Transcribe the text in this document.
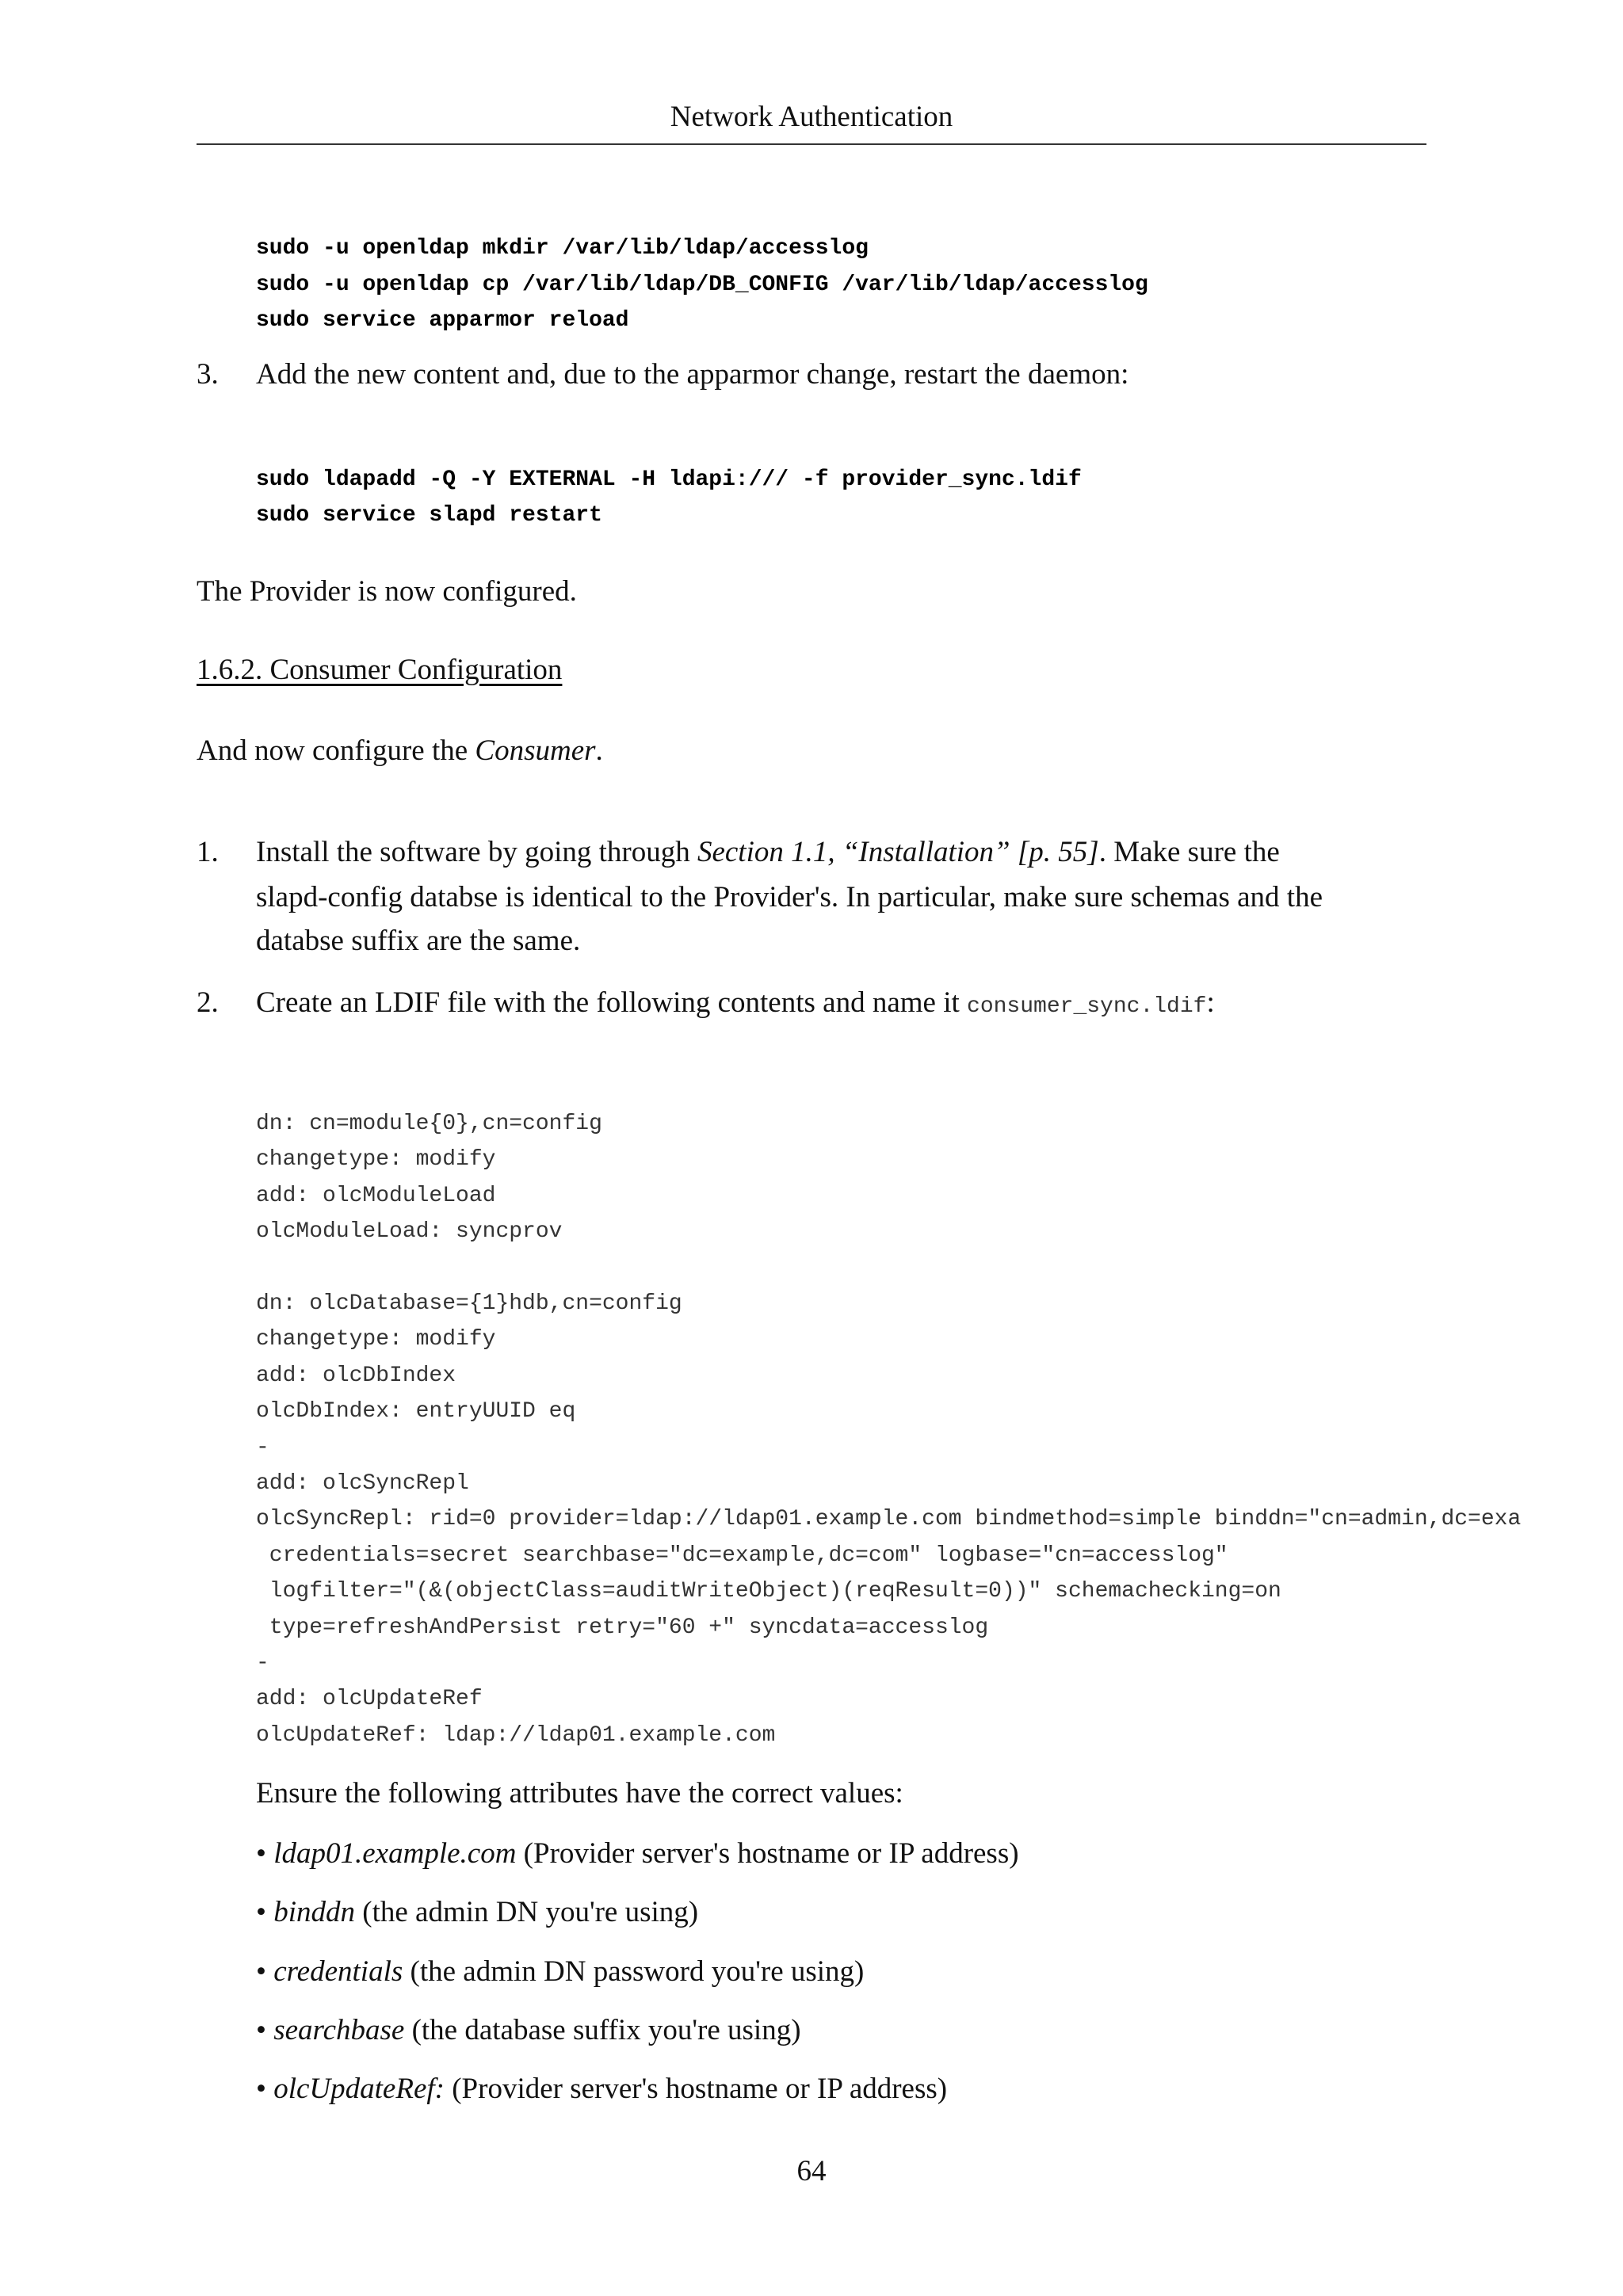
Network Authentication
sudo -u openldap mkdir /var/lib/ldap/accesslog
sudo -u openldap cp /var/lib/ldap/DB_CONFIG /var/lib/ldap/accesslog
sudo service apparmor reload
3. Add the new content and, due to the apparmor change, restart the daemon:
sudo ldapadd -Q -Y EXTERNAL -H ldapi:/// -f provider_sync.ldif
sudo service slapd restart
The Provider is now configured.
1.6.2. Consumer Configuration
And now configure the Consumer.
1. Install the software by going through Section 1.1, “Installation” [p. 55]. Make sure the
slapd-config databse is identical to the Provider's. In particular, make sure schemas and the
databse suffix are the same.
2. Create an LDIF file with the following contents and name it consumer_sync.ldif:
dn: cn=module{0},cn=config
changetype: modify
add: olcModuleLoad
olcModuleLoad: syncprov
dn: olcDatabase={1}hdb,cn=config
changetype: modify
add: olcDbIndex
olcDbIndex: entryUUID eq
-
add: olcSyncRepl
olcSyncRepl: rid=0 provider=ldap://ldap01.example.com bindmethod=simple binddn="cn=admin,dc=exa
credentials=secret searchbase="dc=example,dc=com" logbase="cn=accesslog"
logfilter="(&(objectClass=auditWriteObject)(reqResult=0))" schemachecking=on
type=refreshAndPersist retry="60 +" syncdata=accesslog
-
add: olcUpdateRef
olcUpdateRef: ldap://ldap01.example.com
Ensure the following attributes have the correct values:
• ldap01.example.com (Provider server's hostname or IP address)
• binddn (the admin DN you're using)
• credentials (the admin DN password you're using)
• searchbase (the database suffix you're using)
• olcUpdateRef: (Provider server's hostname or IP address)
64
